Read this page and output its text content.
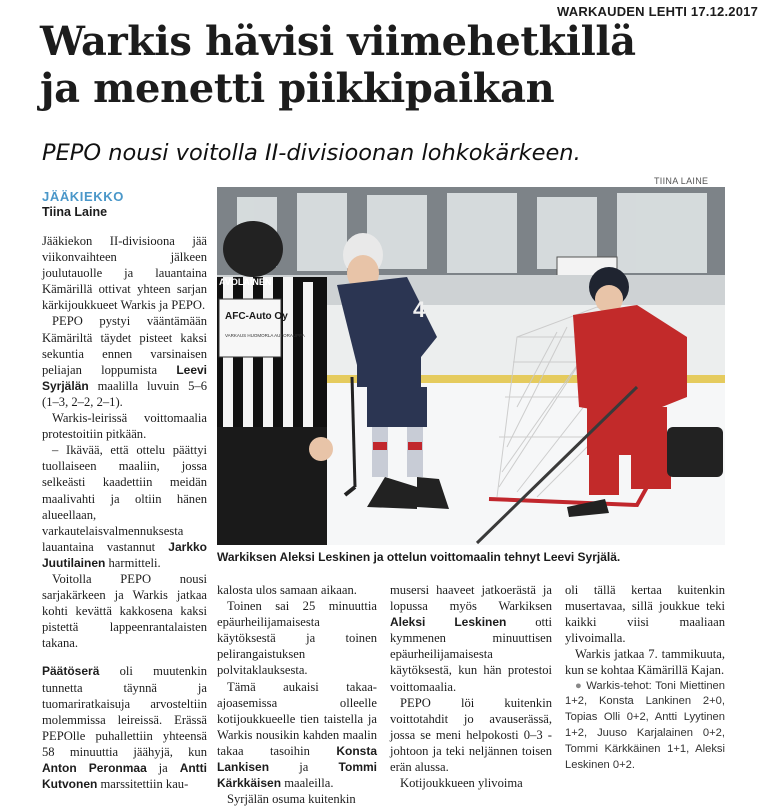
WARKAUDEN LEHTI 17.12.2017
Warkis hävisi viimehetkillä
ja menetti piikkipaikan
PEPO nousi voitolla II-divisioonan lohkokärkeen.
JÄÄKIEKKO
Tiina Laine
TIINA LAINE
AFC-Auto Oy
VARKAUS HUOMORLA AUTORAUPPA
AVOLAINEN
4
Warkiksen Aleksi Leskinen ja ottelun voittomaalin tehnyt Leevi Syrjälä.

Jääkiekon II-divisioona jää viikonvaihteen jälkeen joulutauolle ja lauantaina Kämärillä ottivat yhteen sarjan kärkijoukkueet Warkis ja PEPO.

PEPO pystyi vääntämään Kämäriltä täydet pisteet kaksi sekuntia ennen varsinaisen peliajan loppumista Leevi Syrjälän maalilla luvuin 5–6 (1–3, 2–2, 2–1).

Warkis-leirissä voittomaalia protestoitiin pitkään.

– Ikävää, että ottelu päättyi tuollaiseen maaliin, jossa selkeästi kaadettiin meidän maalivahti ja oltiin hänen alueellaan, varkautelaisvalmennuksesta lauantaina vastannut Jarkko Juutilainen harmitteli.

Voitolla PEPO nousi sarjakärkeen ja Warkis jatkaa kohti kevättä kakkosena kaksi pistettä lappeenrantalaisten takana.

Päätöserä oli muutenkin tunnetta täynnä ja tuomariratkaisuja arvosteltiin molemmissa leireissä. Erässä PEPOlle puhallettiin yhteensä 58 minuuttia jäähyjä, kun Anton Peronmaa ja Antti Kutvonen marssitettiin kau-

kalosta ulos samaan aikaan.

Toinen sai 25 minuuttia epäurheilijamaisesta käytöksestä ja toinen pelirangaistuksen polvitaklauksesta.

Tämä aukaisi takaa-ajoasemissa olleelle kotijoukkueelle tien taistella ja Warkis nousikin kahden maalin takaa tasoihin Konsta Lankisen ja Tommi Kärkkäisen maaleilla.

Syrjälän osuma kuitenkin

musersi haaveet jatkoerästä ja lopussa myös Warkiksen Aleksi Leskinen otti kymmenen minuuttisen epäurheilijamaisesta käytöksestä, kun hän protestoi voittomaalia.

PEPO löi kuitenkin voittotahdit jo avauserässä, jossa se meni helpokosti 0–3 -johtoon ja teki neljännen toisen erän alussa.

Kotijoukkueen ylivoima

oli tällä kertaa kuitenkin musertavaa, sillä joukkue teki kaikki viisi maaliaan ylivoimalla.

Warkis jatkaa 7. tammikuuta, kun se kohtaa Kämärillä Kajan.

● Warkis-tehot: Toni Miettinen 1+2, Konsta Lankinen 2+0, Topias Olli 0+2, Antti Lyytinen 1+2, Juuso Karjalainen 0+2, Tommi Kärkkäinen 1+1, Aleksi Leskinen 0+2.
